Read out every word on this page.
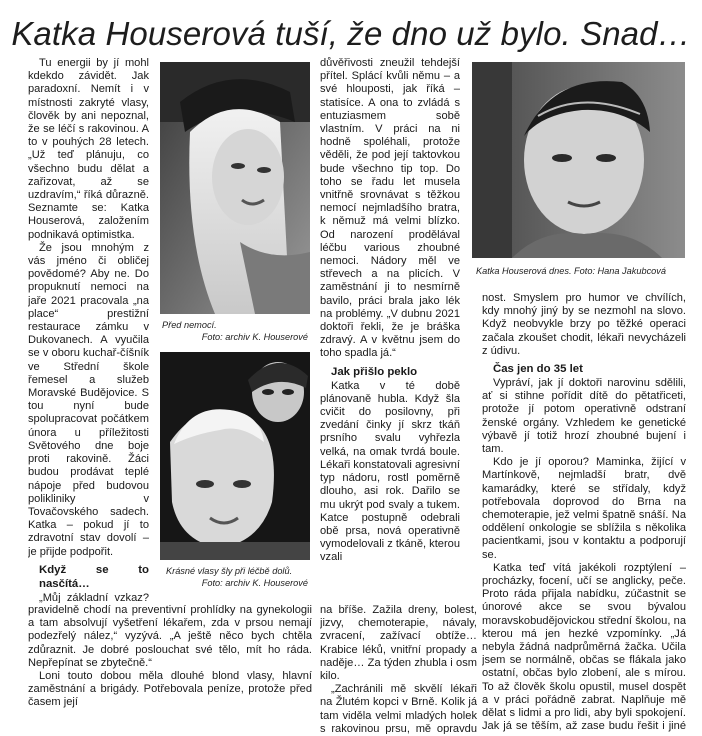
Katka Houserová tuší, že dno už bylo. Snad…

Tu energii by jí mohl kdekdo závidět. Jak paradoxní. Nemít i v místnosti zakryté vlasy, člověk by ani nepoznal, že se léčí s rakovinou. A to v pouhých 28 letech. „Už teď plánuju, co všechno budu dělat a zařizovat, až se uzdravím,“ říká důrazně. Seznamte se: Katka Houserová, založením podnikavá optimistka.

Že jsou mnohým z vás jméno či obličej povědomé? Aby ne. Do propuknutí nemoci na jaře 2021 pracovala „na place“ prestižní restaurace zámku v Dukovanech. A vyučila se v oboru kuchař-číšník ve Střední škole řemesel a služeb Moravské Budějovice. S tou nyní bude spolupracovat počátkem února u příležitosti Světového dne boje proti rakovině. Žáci budou prodávat teplé nápoje před budovou polikliniky v Tovačovského sadech. Katka – pokud jí to zdravotní stav dovolí – je přijde podpořit.

Když se to nasčítá…

„Můj základní vzkaz?

Před nemocí.
Foto: archiv K. Houserové
Krásné vlasy šly při léčbě dolů.
Foto: archiv K. Houserové

pravidelně chodí na preventivní prohlídky na gynekologii a tam absolvují vyšetření lékařem, zda v prsou nemají podezřelý nález,“ vyzývá. „A ještě něco bych chtěla zdůraznit. Je dobré poslouchat své tělo, mít ho ráda. Nepřepínat se zbytečně.“

Loni touto dobou měla dlouhé blond vlasy, hlavní zaměstnání a brigády. Potřebovala peníze, protože před časem její

důvěřivosti zneužil tehdejší přítel. Splácí kvůli němu – a své hlouposti, jak říká – statisíce. A ona to zvládá s entuziasmem sobě vlastním. V práci na ni hodně spoléhali, protože věděli, že pod její taktovkou bude všechno tip top. Do toho se řadu let musela vnitřně srovnávat s těžkou nemocí nejmladšího bratra, k němuž má velmi blízko. Od narození prodělával léčbu various zhoubné nemoci. Nádory měl ve střevech a na plicích. V zaměstnání ji to nesmírně bavilo, práci brala jako lék na problémy. „V dubnu 2021 doktoři řekli, že je bráška zdravý. A v květnu jsem do toho spadla já.“

Jak přišlo peklo

Katka v té době plánovaně hubla. Když šla cvičit do posilovny, při zvedání činky jí skrz tkáň prsního svalu vyhřezla velká, na omak tvrdá boule. Lékaři konstatovali agresivní typ nádoru, rostl poměrně dlouho, asi rok. Dařilo se mu ukrýt pod svaly a tukem. Katce postupně odebrali obě prsa, nová operativně vymodelovali z tkáně, kterou vzali

Katka Houserová dnes. Foto: Hana Jakubcová

na bříše. Zažila dreny, bolest, jizvy, chemoterapie, návaly, zvracení, zažívací obtíže… Krabice léků, vnitřní propady a naděje… Za týden zhubla i osm kilo.

„Zachránili mě skvělí lékaři na Žlutém kopci v Brně. Kolik já tam viděla velmi mladých holek s rakovinou prsu, mě opravdu

nost. Smyslem pro humor ve chvílích, kdy mnohý jiný by se nezmohl na slovo. Když neobvykle brzy po těžké operaci začala zkoušet chodit, lékaři nevycházeli z údivu.

Čas jen do 35 let

Vypráví, jak jí doktoři narovinu sdělili, ať si stihne pořídit dítě do pětatřiceti, protože jí potom operativně odstraní ženské orgány. Vzhledem ke genetické výbavě jí totiž hrozí zhoubné bujení i tam.

Kdo je jí oporou? Maminka, žijící v Martínkově, nejmladší bratr, dvě kamarádky, které se střídaly, když potřebovala doprovod do Brna na chemoterapie, jež velmi špatně snáší. Na oddělení onkologie se sblížila s několika pacientkami, jsou v kontaktu a podporují se.

Katka teď vítá jakékoli rozptýlení – procházky, focení, učí se anglicky, peče. Proto ráda přijala nabídku, zúčastnit se únorové akce se svou bývalou moravskobudějovickou střední školou, na kterou má jen hezké vzpomínky. „Já nebyla žádná nadprůměrná žačka. Učila jsem se normálně, občas se flákala jako ostatní, občas bylo zlobení, ale s mírou. To až člověk školu opustil, musel dospět a v práci pořádně zabrat. Naplňuje mě dělat s lidmi a pro lidi, aby byli spokojení. Jak já se těším, až zase budu řešit i jiné
